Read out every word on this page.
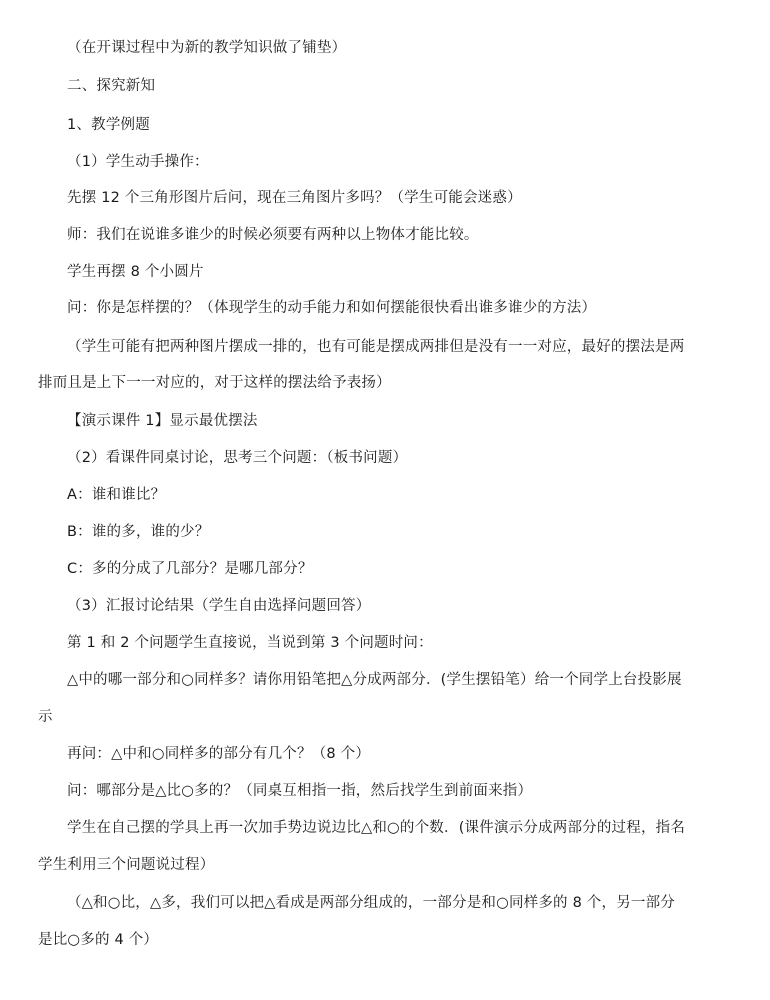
（在开课过程中为新的教学知识做了铺垫）
二、探究新知
1、教学例题
（1）学生动手操作：
先摆 12 个三角形图片后问，现在三角图片多吗？（学生可能会迷惑）
师：我们在说谁多谁少的时候必须要有两种以上物体才能比较。
学生再摆 8 个小圆片
问：你是怎样摆的？（体现学生的动手能力和如何摆能很快看出谁多谁少的方法）
（学生可能有把两种图片摆成一排的，也有可能是摆成两排但是没有一一对应，最好的摆法是两
排而且是上下一一对应的，对于这样的摆法给予表扬）
【演示课件 1】显示最优摆法
（2）看课件同桌讨论，思考三个问题：（板书问题）
A：谁和谁比？
B：谁的多，谁的少？
C：多的分成了几部分？是哪几部分？
（3）汇报讨论结果（学生自由选择问题回答）
第 1 和 2 个问题学生直接说，当说到第 3 个问题时问：
△中的哪一部分和○同样多？请你用铅笔把△分成两部分．(学生摆铅笔）给一个同学上台投影展
示
再问：△中和○同样多的部分有几个？（8 个）
问：哪部分是△比○多的？（同桌互相指一指，然后找学生到前面来指）
学生在自己摆的学具上再一次加手势边说边比△和○的个数．(课件演示分成两部分的过程，指名
学生利用三个问题说过程）
（△和○比，△多，我们可以把△看成是两部分组成的，一部分是和○同样多的 8 个，另一部分
是比○多的 4 个）
